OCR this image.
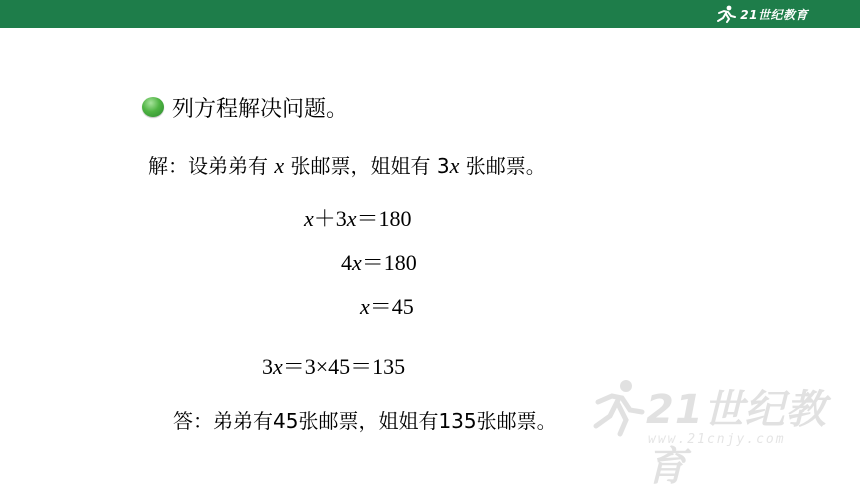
21世纪教育
列方程解决问题。
解：设弟弟有 x 张邮票，姐姐有 3x 张邮票。
x＋3x＝180
4x＝180
x＝45
3x＝3×45＝135
答：弟弟有45张邮票，姐姐有135张邮票。 21世纪教育
www.21cnjy.com
